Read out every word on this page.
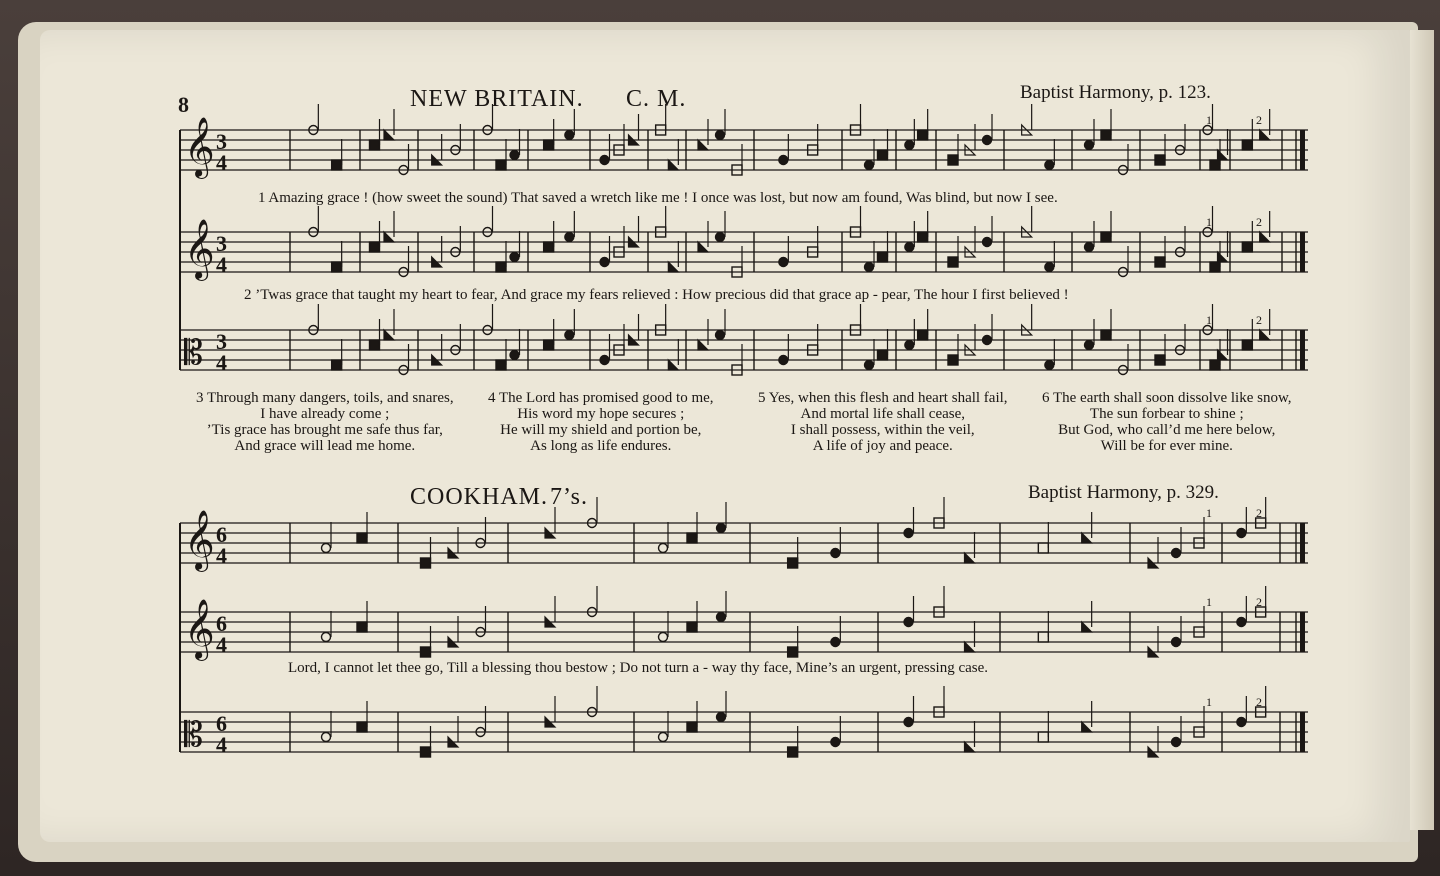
𝄞 3
4
1	2
𝄞 3
4
1	2
𝄡 3
4
1	2
𝄞 6
4
1	2
𝄞 6
4
1	2
𝄡 6
4
1	2
8	NEW BRITAIN. C. M.	Baptist Harmony, p. 123.
1 Amazing grace ! (how sweet the sound) That saved a wretch like me ! I once was lost, but now am found, Was blind, but now I see.
2 ’Twas grace that taught my heart to fear, And grace my fears relieved : How precious did that grace ap - pear, The hour I first believed !
3 Through many dangers, toils, and snares,
I have already come ;
’Tis grace has brought me safe thus far,
And grace will lead me home.
4 The Lord has promised good to me,
His word my hope secures ;
He will my shield and portion be,
As long as life endures.
5 Yes, when this flesh and heart shall fail,
And mortal life shall cease,
I shall possess, within the veil,
A life of joy and peace.
6 The earth shall soon dissolve like snow,
The sun forbear to shine ;
But God, who call’d me here below,
Will be for ever mine.
COOKHAM. 7’s.	Baptist Harmony, p. 329.
Lord, I cannot let thee go, Till a blessing thou bestow ; Do not turn a - way thy face, Mine’s an urgent, pressing case.
